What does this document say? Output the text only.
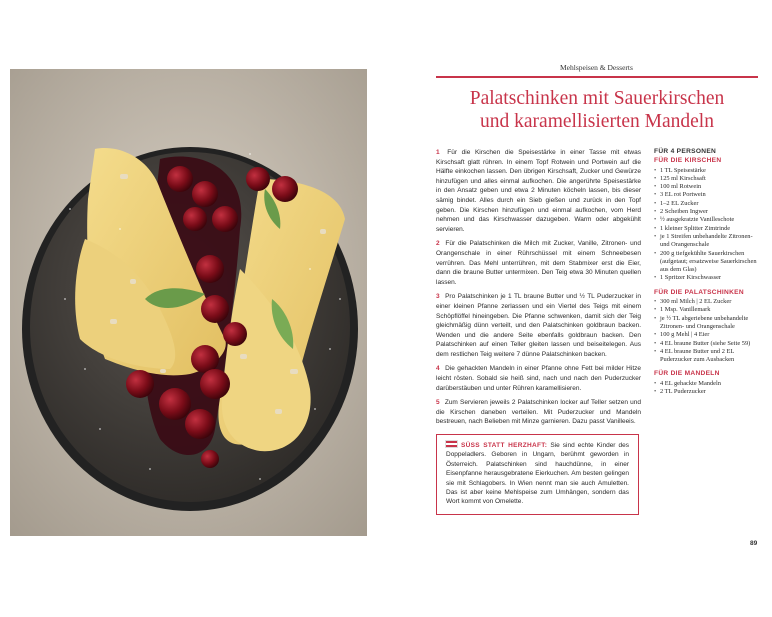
Mehlspeisen & Desserts
Palatschinken mit Sauerkirschen
und karamellisierten Mandeln
1 Für die Kirschen die Speisestärke in einer Tasse mit etwas Kirschsaft glatt rühren. In einem Topf Rotwein und Portwein auf die Hälfte einkochen lassen. Den übrigen Kirschsaft, Zucker und Gewürze hinzufügen und alles einmal aufkochen. Die angerührte Speisestärke in den Ansatz geben und etwa 2 Minuten köcheln lassen, bis dieser sämig bindet. Alles durch ein Sieb gießen und zurück in den Topf geben. Die Kirschen hinzufügen und einmal aufkochen, vom Herd nehmen und das Kirschwasser dazugeben. Warm oder abgekühlt servieren.
2 Für die Palatschinken die Milch mit Zucker, Vanille, Zitronen- und Orangenschale in einer Rührschüssel mit einem Schneebesen verrühren. Das Mehl unterrühren, mit dem Stabmixer erst die Eier, dann die braune Butter untermixen. Den Teig etwa 30 Minuten quellen lassen.
3 Pro Palatschinken je 1 TL braune Butter und ½ TL Puderzucker in einer kleinen Pfanne zerlassen und ein Viertel des Teigs mit einem Schöpflöffel hineingeben. Die Pfanne schwenken, damit sich der Teig gleichmäßig dünn verteilt, und den Palatschinken goldbraun backen. Wenden und die andere Seite ebenfalls goldbraun backen. Den Palatschinken auf einen Teller gleiten lassen und beiseitelegen. Aus dem restlichen Teig weitere 7 dünne Palatschinken backen.
4 Die gehackten Mandeln in einer Pfanne ohne Fett bei milder Hitze leicht rösten. Sobald sie heiß sind, nach und nach den Puderzucker darüberstäuben und unter Rühren karamellisieren.
5 Zum Servieren jeweils 2 Palatschinken locker auf Teller setzen und die Kirschen daneben verteilen. Mit Puderzucker und Mandeln bestreuen, nach Belieben mit Minze garnieren. Dazu passt Vanilleeis.
SÜSS STATT HERZHAFT: Sie sind echte Kinder des Doppeladlers. Geboren in Ungarn, berühmt geworden in Österreich. Palatschinken sind hauchdünne, in einer Eisenpfanne herausgebratene Eierkuchen. Am besten gelingen sie mit Schlagobers. In Wien nennt man sie auch Amuletten. Das ist aber keine Mehlspeise zum Umhängen, sondern das Wort kommt von Omelette.
FÜR 4 PERSONEN
FÜR DIE KIRSCHEN
• 1 TL Speisestärke
• 125 ml Kirschsaft
• 100 ml Rotwein
• 3 EL rot Portwein
• 1–2 EL Zucker
• 2 Scheiben Ingwer
• ½ ausgekratzte Vanilleschote
• 1 kleiner Splitter Zimtrinde
• je 1 Streifen unbehandelte Zitronen- und Orangenschale
• 200 g tiefgekühlte Sauerkirschen (aufgetaut; ersatzweise Sauerkirschen aus dem Glas)
• 1 Spritzer Kirschwasser
FÜR DIE PALATSCHINKEN
• 300 ml Milch | 2 EL Zucker
• 1 Msp. Vanillemark
• je ½ TL abgeriebene unbehandelte Zitronen- und Orangenschale
• 100 g Mehl | 4 Eier
• 4 EL braune Butter (siehe Seite 59)
• 4 EL braune Butter und 2 EL Puderzucker zum Ausbacken
FÜR DIE MANDELN
• 4 EL gehackte Mandeln
• 2 TL Puderzucker
89
